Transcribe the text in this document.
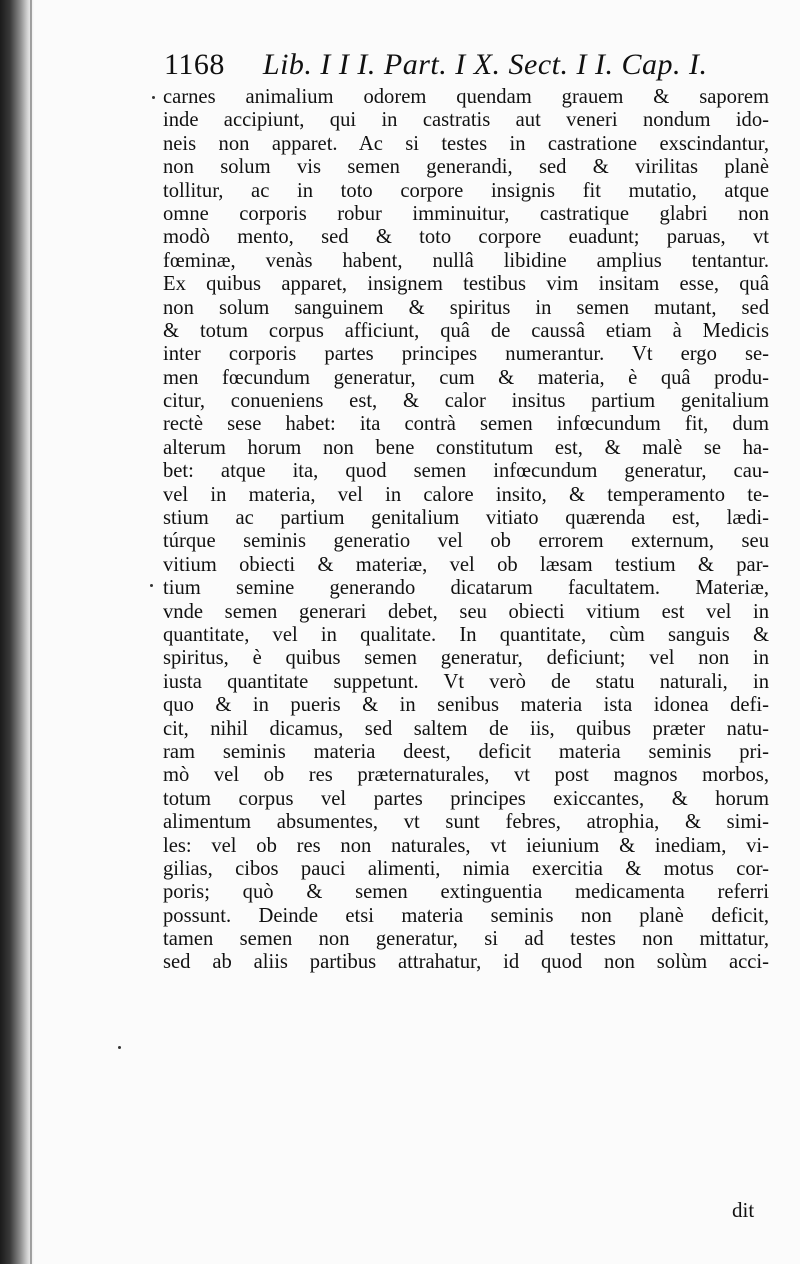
1168 Lib. I I I. Part. I X. Sect. I I. Cap. I.
carnes animalium odorem quendam grauem & saporem
inde accipiunt, qui in castratis aut veneri nondum ido-
neis non apparet. Ac si testes in castratione exscindantur,
non solum vis semen generandi, sed & virilitas planè
tollitur, ac in toto corpore insignis fit mutatio, atque
omne corporis robur imminuitur, castratique glabri non
modò mento, sed & toto corpore euadunt; paruas, vt
fœminæ, venàs habent, nullâ libidine amplius tentantur.
Ex quibus apparet, insignem testibus vim insitam esse, quâ
non solum sanguinem & spiritus in semen mutant, sed
& totum corpus afficiunt, quâ de caussâ etiam à Medicis
inter corporis partes principes numerantur. Vt ergo se-
men fœcundum generatur, cum & materia, è quâ produ-
citur, conueniens est, & calor insitus partium genitalium
rectè sese habet: ita contrà semen infœcundum fit, dum
alterum horum non bene constitutum est, & malè se ha-
bet: atque ita, quod semen infœcundum generatur, cau-
vel in materia, vel in calore insito, & temperamento te-
stium ac partium genitalium vitiato quærenda est, lædi-
túrque seminis generatio vel ob errorem externum, seu
vitium obiecti & materiæ, vel ob læsam testium & par-
tium semine generando dicatarum facultatem. Materiæ,
vnde semen generari debet, seu obiecti vitium est vel in
quantitate, vel in qualitate. In quantitate, cùm sanguis &
spiritus, è quibus semen generatur, deficiunt; vel non in
iusta quantitate suppetunt. Vt verò de statu naturali, in
quo & in pueris & in senibus materia ista idonea defi-
cit, nihil dicamus, sed saltem de iis, quibus præter natu-
ram seminis materia deest, deficit materia seminis pri-
mò vel ob res præternaturales, vt post magnos morbos,
totum corpus vel partes principes exiccantes, & horum
alimentum absumentes, vt sunt febres, atrophia, & simi-
les: vel ob res non naturales, vt ieiunium & inediam, vi-
gilias, cibos pauci alimenti, nimia exercitia & motus cor-
poris; quò & semen extinguentia medicamenta referri
possunt. Deinde etsi materia seminis non planè deficit,
tamen semen non generatur, si ad testes non mittatur,
sed ab aliis partibus attrahatur, id quod non solùm acci-
dit
